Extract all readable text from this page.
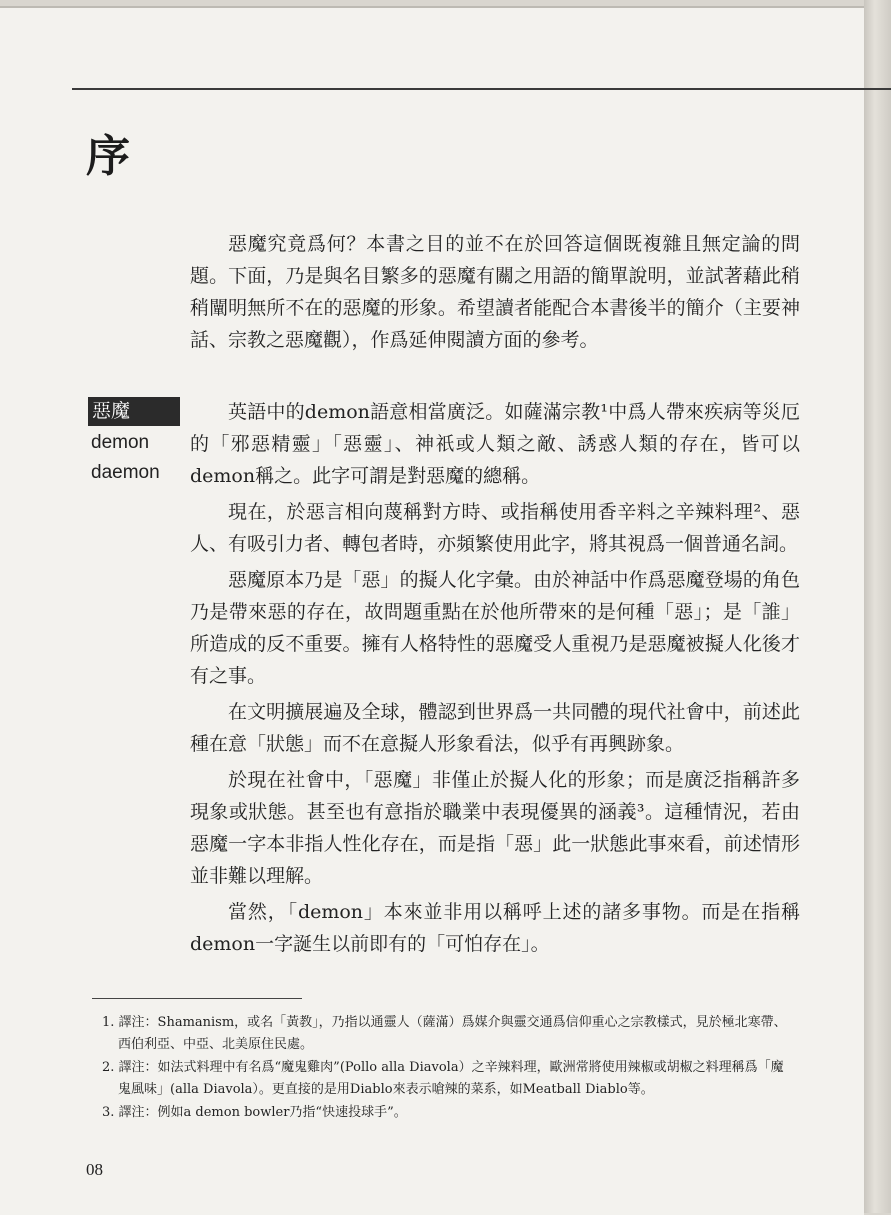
序
惡魔
demon
daemon

惡魔究竟爲何？本書之目的並不在於回答這個既複雜且無定論的問題。下面，乃是與名目繁多的惡魔有關之用語的簡單說明，並試著藉此稍稍闡明無所不在的惡魔的形象。希望讀者能配合本書後半的簡介（主要神話、宗教之惡魔觀），作爲延伸閱讀方面的參考。

英語中的demon語意相當廣泛。如薩滿宗教¹中爲人帶來疾病等災厄的「邪惡精靈」「惡靈」、神祇或人類之敵、誘惑人類的存在，皆可以demon稱之。此字可謂是對惡魔的總稱。

現在，於惡言相向蔑稱對方時、或指稱使用香辛料之辛辣料理²、惡人、有吸引力者、轉包者時，亦頻繁使用此字，將其視爲一個普通名詞。

惡魔原本乃是「惡」的擬人化字彙。由於神話中作爲惡魔登場的角色乃是帶來惡的存在，故問題重點在於他所帶來的是何種「惡」；是「誰」所造成的反不重要。擁有人格特性的惡魔受人重視乃是惡魔被擬人化後才有之事。

在文明擴展遍及全球，體認到世界爲一共同體的現代社會中，前述此種在意「狀態」而不在意擬人形象看法，似乎有再興跡象。

於現在社會中，「惡魔」非僅止於擬人化的形象；而是廣泛指稱許多現象或狀態。甚至也有意指於職業中表現優異的涵義³。這種情況，若由惡魔一字本非指人性化存在，而是指「惡」此一狀態此事來看，前述情形並非難以理解。

當然，「demon」本來並非用以稱呼上述的諸多事物。而是在指稱demon一字誕生以前即有的「可怕存在」。

1. 譯注：Shamanism，或名「黃教」，乃指以通靈人（薩滿）爲媒介與靈交通爲信仰重心之宗教樣式，見於極北寒帶、西伯利亞、中亞、北美原住民處。
2. 譯注：如法式料理中有名爲“魔鬼雞肉”(Pollo alla Diavola）之辛辣料理，歐洲常將使用辣椒或胡椒之料理稱爲「魔鬼風味」(alla Diavola）。更直接的是用Diablo來表示嗆辣的菜系，如Meatball Diablo等。
3. 譯注：例如a demon bowler乃指“快速投球手”。
08
